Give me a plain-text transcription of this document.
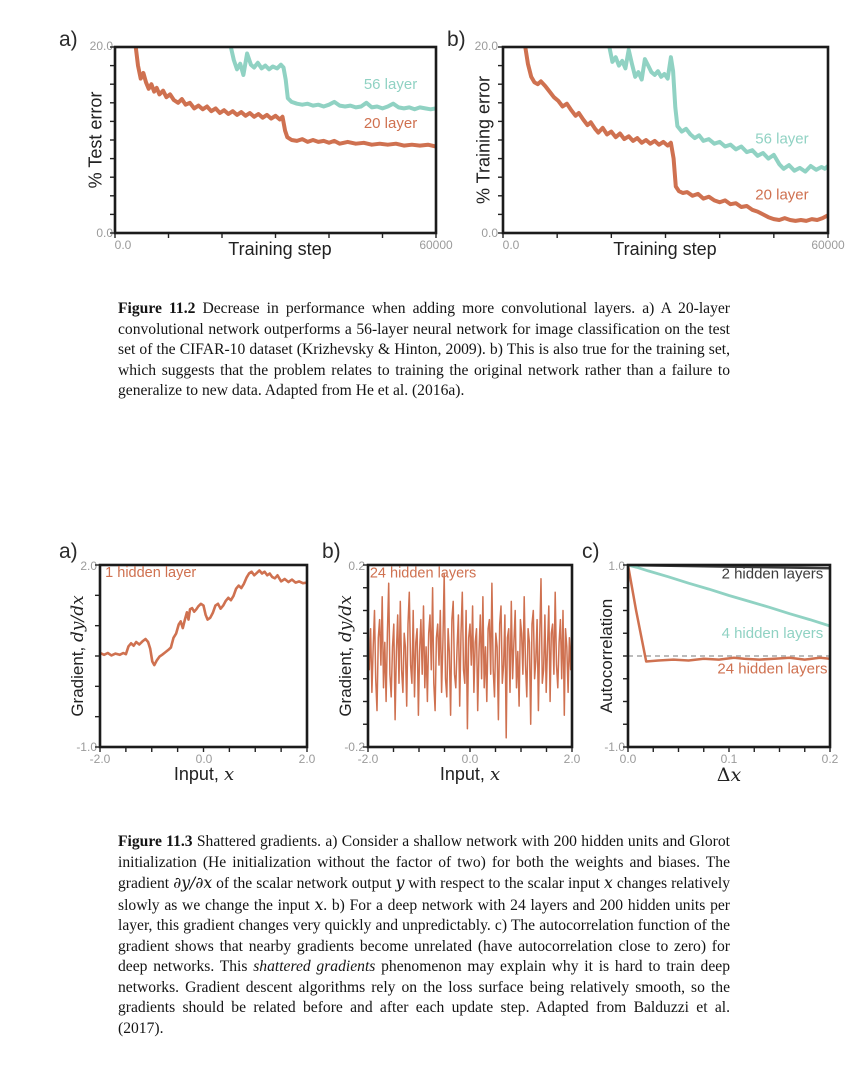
a) 20.0
0.0
% Test error
56 layer
20 layer
0.0	60000
Training step
b) 20.0
0.0
% Training error	56 layer
20 layer
0.0	60000
Training step
Figure 11.2 Decrease in performance when adding more convolutional layers. a) A 20-layer convolutional network outperforms a 56-layer neural network for image classification on the test set of the CIFAR-10 dataset (Krizhevsky & Hinton, 2009). b) This is also true for the training set, which suggests that the problem relates to training the original network rather than a failure to generalize to new data. Adapted from He et al. (2016a).
a)
2.0
-1.0
Gradient, dy/dx
1 hidden layer
-2.0	0.0	2.0
Input, x
b)
0.2
-0.2
Gradient, dy/dx
24 hidden layers
-2.0	0.0	2.0
Input, x
c)
1.0
-1.0
Autocorrelation
2 hidden layers
4 hidden layers
24 hidden layers
0.0	0.1	0.2
Δx
Figure 11.3 Shattered gradients. a) Consider a shallow network with 200 hidden units and Glorot initialization (He initialization without the factor of two) for both the weights and biases. The gradient ∂y/∂x of the scalar network output y with respect to the scalar input x changes relatively slowly as we change the input x. b) For a deep network with 24 layers and 200 hidden units per layer, this gradient changes very quickly and unpredictably. c) The autocorrelation function of the gradient shows that nearby gradients become unrelated (have autocorrelation close to zero) for deep networks. This shattered gradients phenomenon may explain why it is hard to train deep networks. Gradient descent algorithms rely on the loss surface being relatively smooth, so the gradients should be related before and after each update step. Adapted from Balduzzi et al. (2017).
